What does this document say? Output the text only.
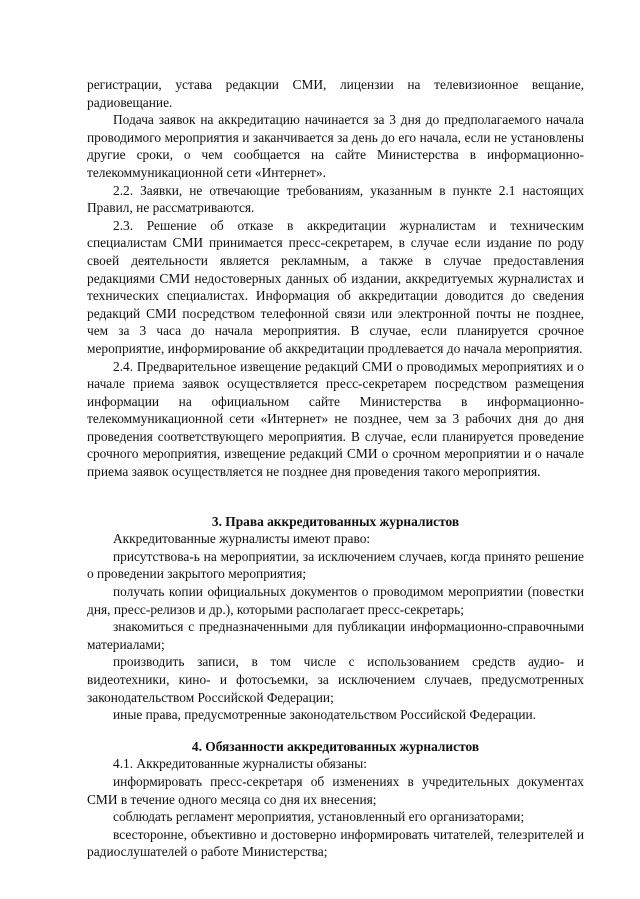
регистрации, устава редакции СМИ, лицензии на телевизионное вещание, радиовещание.

Подача заявок на аккредитацию начинается за 3 дня до предполагаемого начала проводимого мероприятия и заканчивается за день до его начала, если не установлены другие сроки, о чем сообщается на сайте Министерства в информационно-телекоммуникационной сети «Интернет».

2.2. Заявки, не отвечающие требованиям, указанным в пункте 2.1 настоящих Правил, не рассматриваются.

2.3. Решение об отказе в аккредитации журналистам и техническим специалистам СМИ принимается пресс-секретарем, в случае если издание по роду своей деятельности является рекламным, а также в случае предоставления редакциями СМИ недостоверных данных об издании, аккредитуемых журналистах и технических специалистах. Информация об аккредитации доводится до сведения редакций СМИ посредством телефонной связи или электронной почты не позднее, чем за 3 часа до начала мероприятия. В случае, если планируется срочное мероприятие, информирование об аккредитации продлевается до начала мероприятия.

2.4. Предварительное извещение редакций СМИ о проводимых мероприятиях и о начале приема заявок осуществляется пресс-секретарем посредством размещения информации на официальном сайте Министерства в информационно-телекоммуникационной сети «Интернет» не позднее, чем за 3 рабочих дня до дня проведения соответствующего мероприятия. В случае, если планируется проведение срочного мероприятия, извещение редакций СМИ о срочном мероприятии и о начале приема заявок осуществляется не позднее дня проведения такого мероприятия.

3. Права аккредитованных журналистов

Аккредитованные журналисты имеют право:

присутствова-ь на мероприятии, за исключением случаев, когда принято решение о проведении закрытого мероприятия;

получать копии официальных документов о проводимом мероприятии (повестки дня, пресс-релизов и др.), которыми располагает пресс-секретарь;

знакомиться с предназначенными для публикации информационно-справочными материалами;

производить записи, в том числе с использованием средств аудио- и видеотехники, кино- и фотосъемки, за исключением случаев, предусмотренных законодательством Российской Федерации;

иные права, предусмотренные законодательством Российской Федерации.

4. Обязанности аккредитованных журналистов

4.1. Аккредитованные журналисты обязаны:

информировать пресс-секретаря об изменениях в учредительных документах СМИ в течение одного месяца со дня их внесения;

соблюдать регламент мероприятия, установленный его организаторами;

всесторонне, объективно и достоверно информировать читателей, телезрителей и радиослушателей о работе Министерства;
